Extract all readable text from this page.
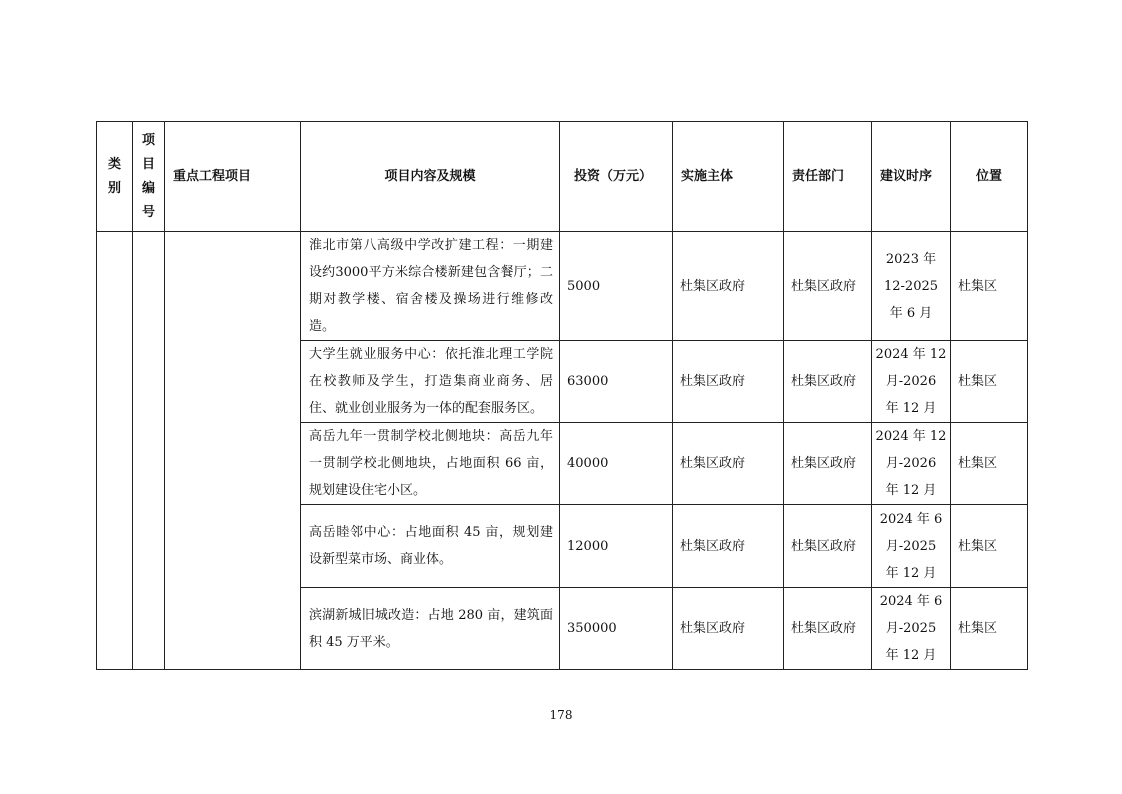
类
别	项
目
编
号	重点工程项目	项目内容及规模	投资（万元）	实施主体	责任部门	建议时序	位置
			淮北市第八高级中学改扩建工程：一期建设约3000平方米综合楼新建包含餐厅；二期对教学楼、宿舍楼及操场进行维修改造。	5000	杜集区政府	杜集区政府	2023 年
12-2025
年 6 月	杜集区
			大学生就业服务中心：依托淮北理工学院在校教师及学生，打造集商业商务、居住、就业创业服务为一体的配套服务区。	63000	杜集区政府	杜集区政府	2024 年 12
月-2026
年 12 月	杜集区
			高岳九年一贯制学校北侧地块：高岳九年一贯制学校北侧地块，占地面积 66 亩，规划建设住宅小区。	40000	杜集区政府	杜集区政府	2024 年 12
月-2026
年 12 月	杜集区
			高岳睦邻中心：占地面积 45 亩，规划建设新型菜市场、商业体。	12000	杜集区政府	杜集区政府	2024 年 6
月-2025
年 12 月	杜集区
			滨湖新城旧城改造：占地 280 亩，建筑面积 45 万平米。	350000	杜集区政府	杜集区政府	2024 年 6
月-2025
年 12 月	杜集区
178
